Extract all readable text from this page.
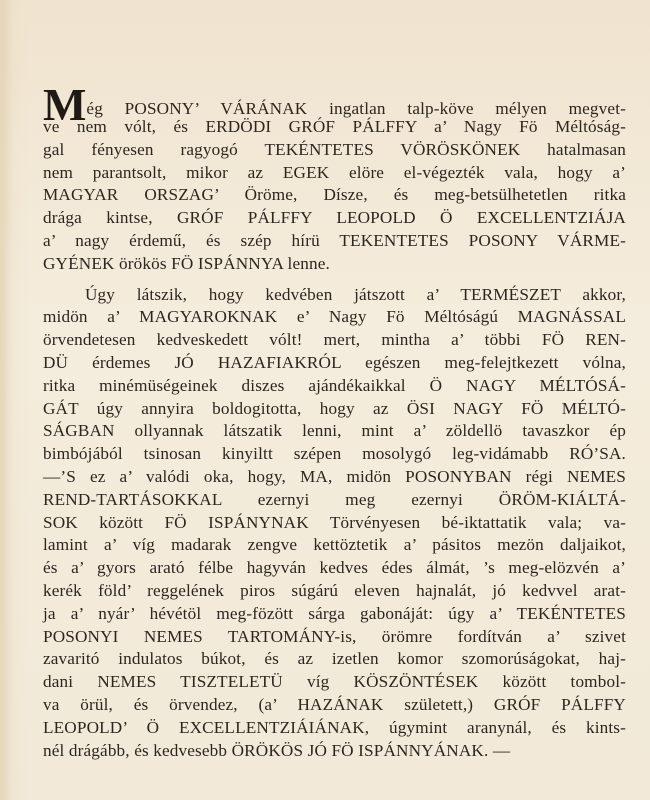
Még POSONY’ VÁRÁNAK ingatlan talp-köve mélyen megvet-
ve nem vólt, és ERDÖDI GRÓF PÁLFFY a’ Nagy Fö Méltóság-
gal fényesen ragyogó TEKÉNTETES VÖRÖSKÖNEK hatalmasan
nem parantsolt, mikor az EGEK elöre el-végezték vala, hogy a’
MAGYAR ORSZAG’ Öröme, Dísze, és meg-betsülhetetlen ritka
drága kintse, GRÓF PÁLFFY LEOPOLD Ö EXCELLENTZIÁJA
a’ nagy érdemű, és szép hírü TEKENTETES POSONY VÁRME-
GYÉNEK örökös FÖ ISPÁNNYA lenne.
Úgy látszik, hogy kedvében játszott a’ TERMÉSZET akkor,
midön a’ MAGYAROKNAK e’ Nagy Fö Méltóságú MAGNÁSSAL
örvendetesen kedveskedett vólt! mert, mintha a’ többi FÖ REN-
DÜ érdemes JÓ HAZAFIAKRÓL egészen meg-felejtkezett vólna,
ritka minémüségeinek diszes ajándékaikkal Ö NAGY MÉLTÓSÁ-
GÁT úgy annyira boldogitotta, hogy az ÖSI NAGY FÖ MÉLTÓ-
SÁGBAN ollyannak látszatik lenni, mint a’ zöldellö tavaszkor ép
bimbójából tsinosan kinyiltt szépen mosolygó leg-vidámabb RÓ’SA.
—’S ez a’ valódi oka, hogy, MA, midön POSONYBAN régi NEMES
REND-TARTÁSOKKAL ezernyi meg ezernyi ÖRÖM-KIÁLTÁ-
SOK között FÖ ISPÁNYNAK Törvényesen bé-iktattatik vala; va-
lamint a’ víg madarak zengve kettöztetik a’ pásitos mezön daljaikot,
és a’ gyors arató félbe hagyván kedves édes álmát, ’s meg-elözvén a’
kerék föld’ reggelének piros súgárú eleven hajnalát, jó kedvvel arat-
ja a’ nyár’ hévétöl meg-fözött sárga gabonáját: úgy a’ TEKÉNTETES
POSONYI NEMES TARTOMÁNY-is, örömre fordítván a’ szivet
zavaritó indulatos búkot, és az izetlen komor szomorúságokat, haj-
dani NEMES TISZTELETÜ víg KÖSZÖNTÉSEK között tombol-
va örül, és örvendez, (a’ HAZÁNAK született,) GRÓF PÁLFFY
LEOPOLD’ Ö EXCELLENTZIÁIÁNAK, úgymint aranynál, és kints-
nél drágább, és kedvesebb ÖRÖKÖS JÓ FÖ ISPÁNNYÁNAK. —
